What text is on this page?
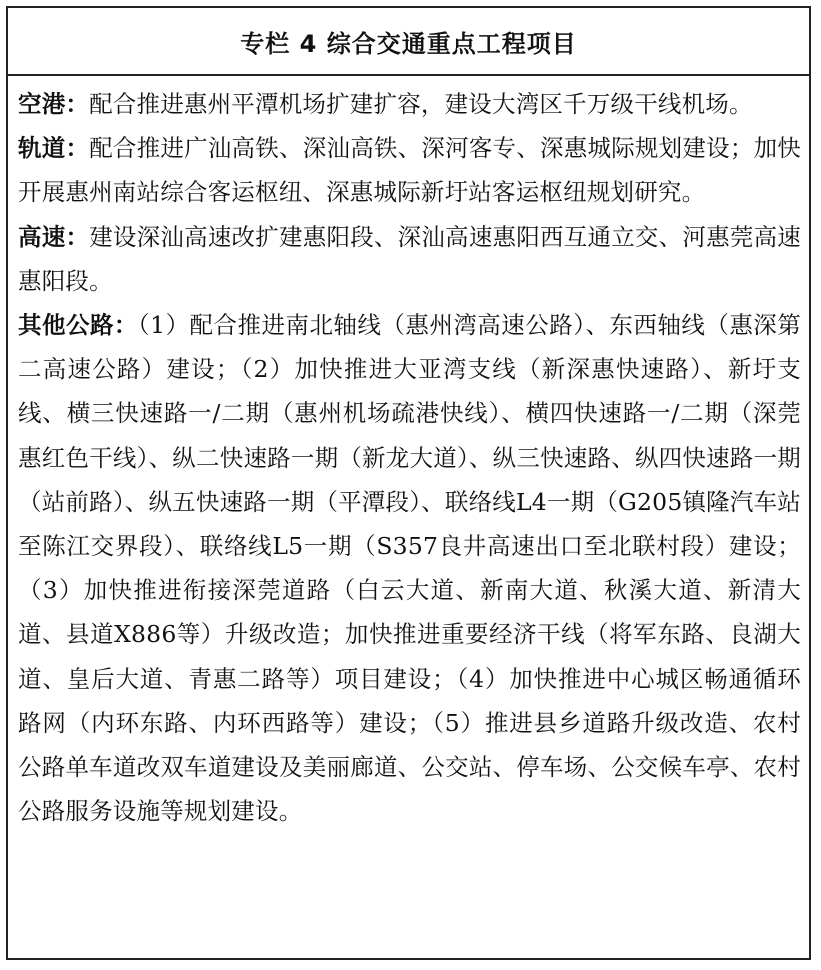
专栏 4 综合交通重点工程项目

空港：配合推进惠州平潭机场扩建扩容，建设大湾区千万级干线机场。

轨道：配合推进广汕高铁、深汕高铁、深河客专、深惠城际规划建设；加快开展惠州南站综合客运枢纽、深惠城际新圩站客运枢纽规划研究。

高速：建设深汕高速改扩建惠阳段、深汕高速惠阳西互通立交、河惠莞高速惠阳段。

其他公路：（1）配合推进南北轴线（惠州湾高速公路）、东西轴线（惠深第二高速公路）建设；（2）加快推进大亚湾支线（新深惠快速路）、新圩支线、横三快速路一/二期（惠州机场疏港快线）、横四快速路一/二期（深莞惠红色干线）、纵二快速路一期（新龙大道）、纵三快速路、纵四快速路一期（站前路）、纵五快速路一期（平潭段）、联络线L4一期（G205镇隆汽车站至陈江交界段）、联络线L5一期（S357良井高速出口至北联村段）建设；（3）加快推进衔接深莞道路（白云大道、新南大道、秋溪大道、新清大道、县道X886等）升级改造；加快推进重要经济干线（将军东路、良湖大道、皇后大道、青惠二路等）项目建设；（4）加快推进中心城区畅通循环路网（内环东路、内环西路等）建设；（5）推进县乡道路升级改造、农村公路单车道改双车道建设及美丽廊道、公交站、停车场、公交候车亭、农村公路服务设施等规划建设。
